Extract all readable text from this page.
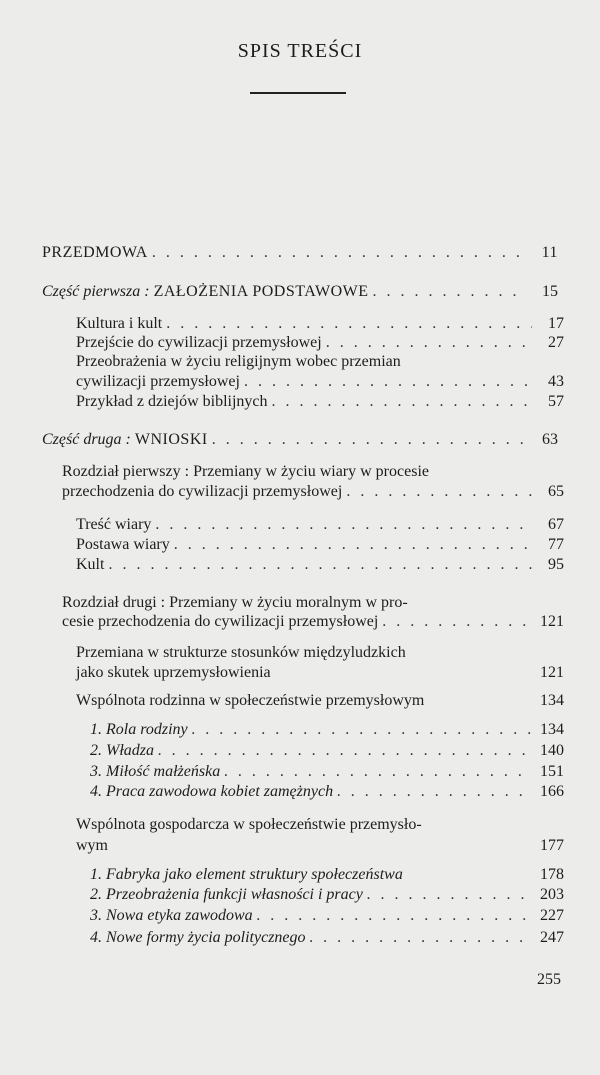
SPIS TREŚCI
PRZEDMOWA . . .	11
Część pierwsza : ZAŁOŻENIA PODSTAWOWE . . .	15
Kultura i kult . . .	17
Przejście do cywilizacji przemysłowej . . .	27
Przeobrażenia w życiu religijnym wobec przemian
cywilizacji przemysłowej . . .	43
Przykład z dziejów biblijnych . . .	57
Część druga : WNIOSKI . . .	63
Rozdział pierwszy : Przemiany w życiu wiary w procesie
przechodzenia do cywilizacji przemysłowej . . .	65
Treść wiary . . .	67
Postawa wiary . . .	77
Kult . . .	95
Rozdział drugi : Przemiany w życiu moralnym w pro-
cesie przechodzenia do cywilizacji przemysłowej . . .	121
Przemiana w strukturze stosunków międzyludzkich
jako skutek uprzemysłowienia	121
Wspólnota rodzinna w społeczeństwie przemysłowym	134
1. Rola rodziny . . .	134
2. Władza . . .	140
3. Miłość małżeńska . . .	151
4. Praca zawodowa kobiet zamężnych . . .	166
Wspólnota gospodarcza w społeczeństwie przemysło-
wym	177
1. Fabryka jako element struktury społeczeństwa	178
2. Przeobrażenia funkcji własności i pracy . . .	203
3. Nowa etyka zawodowa . . .	227
4. Nowe formy życia politycznego . . .	247
255
